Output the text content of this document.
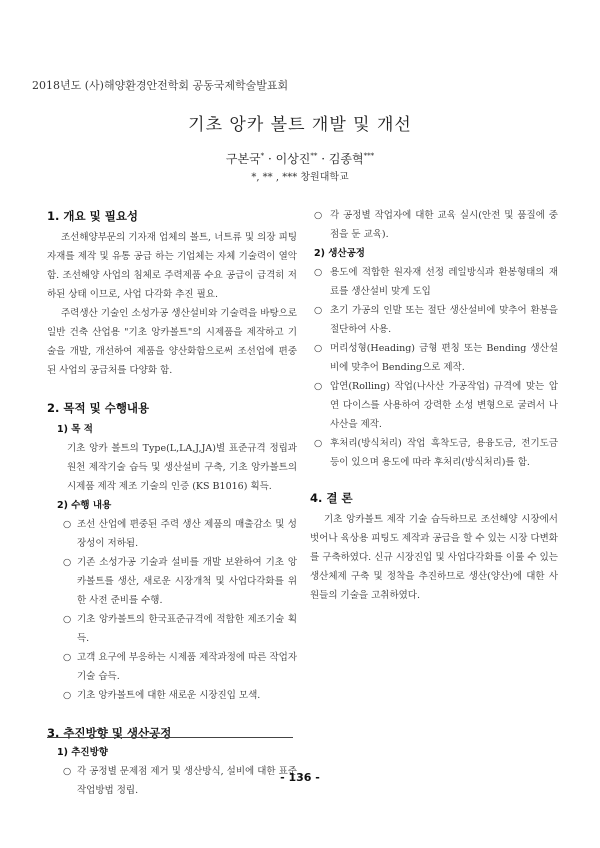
2018년도 (사)해양환경안전학회 공동국제학술발표회
기초 앙카 볼트 개발 및 개선
구본국* · 이상진** · 김종혁***
*, ** , *** 창원대학교
1. 개요 및 필요성
조선해양부문의 기자재 업체의 볼트, 너트류 및 의장 피팅 자재를 제작 및 유통 공급 하는 기업체는 자체 기술력이 열악함. 조선해양 사업의 침체로 주력제품 수요 공급이 급격히 저하된 상태 이므로, 사업 다각화 추진 필요.
주력생산 기술인 소성가공 생산설비와 기술력을 바탕으로 일반 건축 산업용 "기초 앙카볼트"의 시제품을 제작하고 기술을 개발, 개선하여 제품을 양산화함으로써 조선업에 편중된 사업의 공급처를 다양화 함.
2. 목적 및 수행내용
1) 목 적
기초 앙카 볼트의 Type(L,LA,J,JA)별 표준규격 정립과 원천 제작기술 습득 및 생산설비 구축, 기초 앙카볼트의 시제품 제작 제조 기술의 인증 (KS B1016) 획득.
2) 수행 내용
○ 조선 산업에 편중된 주력 생산 제품의 매출감소 및 성장성이 저하됨.
○ 기존 소성가공 기술과 설비를 개발 보완하여 기초 앙카볼트를 생산, 새로운 시장개척 및 사업다각화를 위한 사전 준비를 수행.
○ 기초 앙카볼트의 한국표준규격에 적합한 제조기술 획득.
○ 고객 요구에 부응하는 시제품 제작과정에 따른 작업자 기술 습득.
○ 기초 앙카볼트에 대한 새로운 시장진입 모색.
3. 추진방향 및 생산공정
1) 추진방향
○ 각 공정별 문제점 제거 및 생산방식, 설비에 대한 표준 작업방법 정립.
○ 각 공정별 작업자에 대한 교육 실시(안전 및 품질에 중점을 둔 교육).
2) 생산공정
○ 용도에 적합한 원자재 선정 레일방식과 환봉형태의 재료를 생산설비 맞게 도입
○ 초기 가공의 인발 또는 절단 생산설비에 맞추어 환봉을 절단하여 사용.
○ 머리성형(Heading) 금형 편칭 또는 Bending 생산설비에 맞추어 Bending으로 제작.
○ 압연(Rolling) 작업(나사산 가공작업) 규격에 맞는 압연 다이스를 사용하여 강력한 소성 변형으로 굴려서 나사산을 제작.
○ 후처리(방식처리) 작업 흑착도금, 용융도금, 전기도금 등이 있으며 용도에 따라 후처리(방식처리)를 함.
4. 결 론
기초 앙카볼트 제작 기술 습득하므로 조선해양 시장에서 벗어나 육상용 피팅도 제작과 공급을 할 수 있는 시장 다변화를 구축하였다. 신규 시장진입 및 사업다각화를 이룰 수 있는 생산체제 구축 및 정착을 추진하므로 생산(양산)에 대한 사원들의 기술을 고취하였다.
- 136 -
